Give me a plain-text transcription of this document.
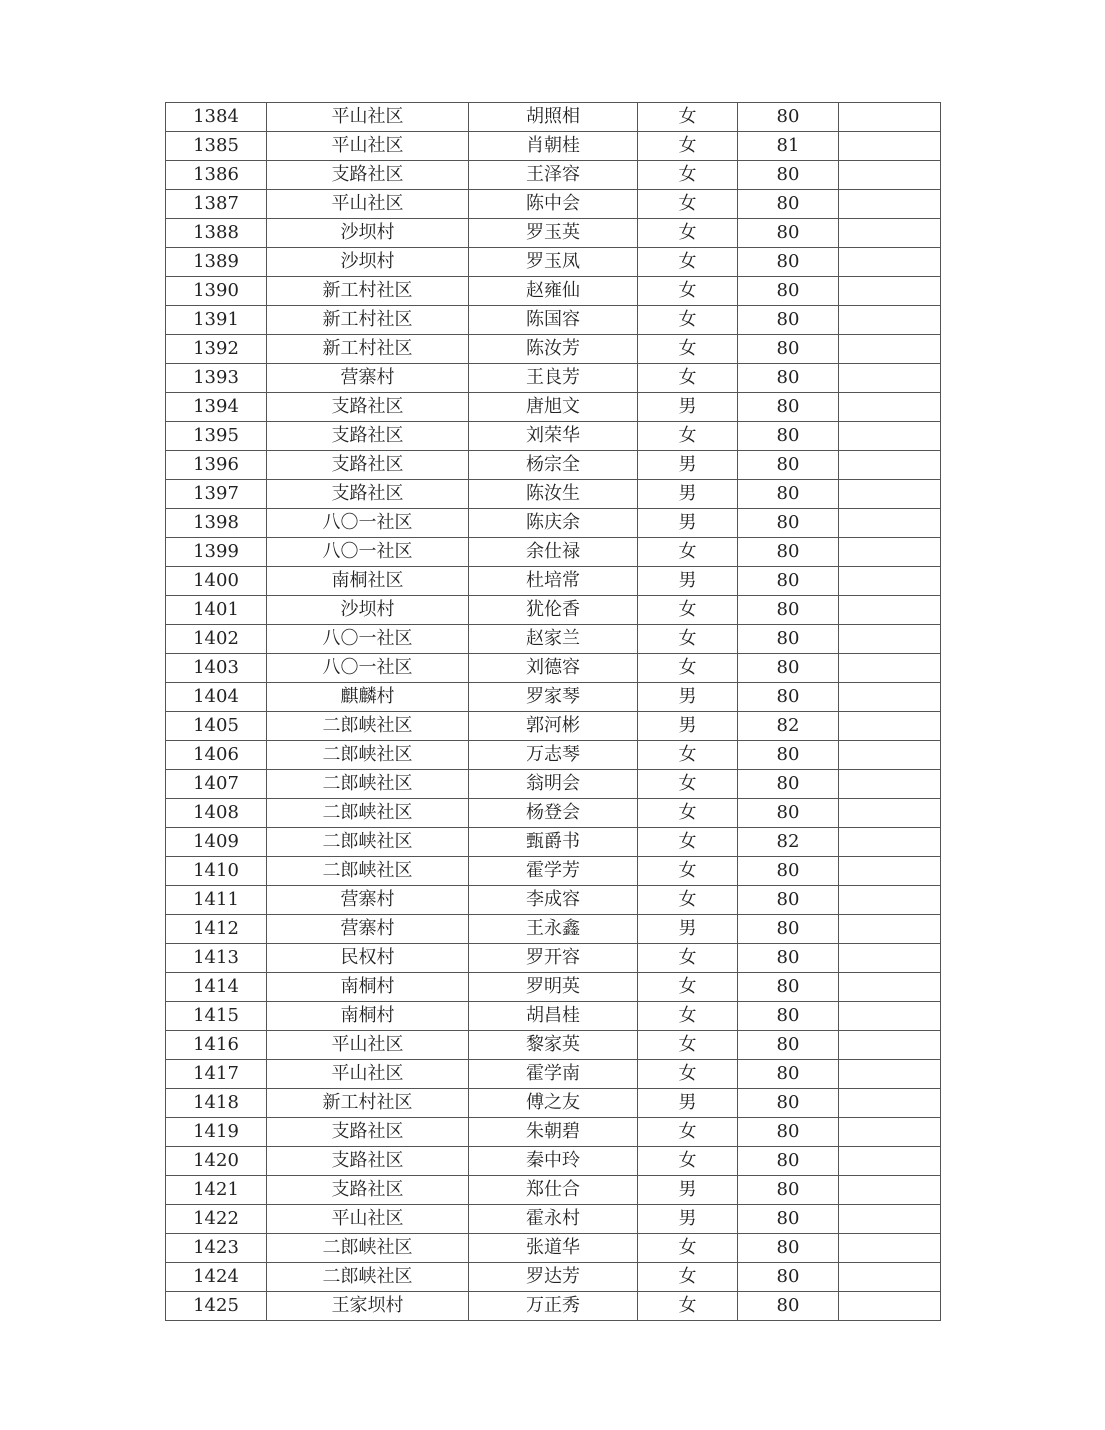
1384	平山社区	胡照相	女	80	
1385	平山社区	肖朝桂	女	81	
1386	支路社区	王泽容	女	80	
1387	平山社区	陈中会	女	80	
1388	沙坝村	罗玉英	女	80	
1389	沙坝村	罗玉凤	女	80	
1390	新工村社区	赵雍仙	女	80	
1391	新工村社区	陈国容	女	80	
1392	新工村社区	陈汝芳	女	80	
1393	营寨村	王良芳	女	80	
1394	支路社区	唐旭文	男	80	
1395	支路社区	刘荣华	女	80	
1396	支路社区	杨宗全	男	80	
1397	支路社区	陈汝生	男	80	
1398	八〇一社区	陈庆余	男	80	
1399	八〇一社区	余仕禄	女	80	
1400	南桐社区	杜培常	男	80	
1401	沙坝村	犹伦香	女	80	
1402	八〇一社区	赵家兰	女	80	
1403	八〇一社区	刘德容	女	80	
1404	麒麟村	罗家琴	男	80	
1405	二郎峡社区	郭河彬	男	82	
1406	二郎峡社区	万志琴	女	80	
1407	二郎峡社区	翁明会	女	80	
1408	二郎峡社区	杨登会	女	80	
1409	二郎峡社区	甄爵书	女	82	
1410	二郎峡社区	霍学芳	女	80	
1411	营寨村	李成容	女	80	
1412	营寨村	王永鑫	男	80	
1413	民权村	罗开容	女	80	
1414	南桐村	罗明英	女	80	
1415	南桐村	胡昌桂	女	80	
1416	平山社区	黎家英	女	80	
1417	平山社区	霍学南	女	80	
1418	新工村社区	傅之友	男	80	
1419	支路社区	朱朝碧	女	80	
1420	支路社区	秦中玲	女	80	
1421	支路社区	郑仕合	男	80	
1422	平山社区	霍永村	男	80	
1423	二郎峡社区	张道华	女	80	
1424	二郎峡社区	罗达芳	女	80	
1425	王家坝村	万正秀	女	80	
